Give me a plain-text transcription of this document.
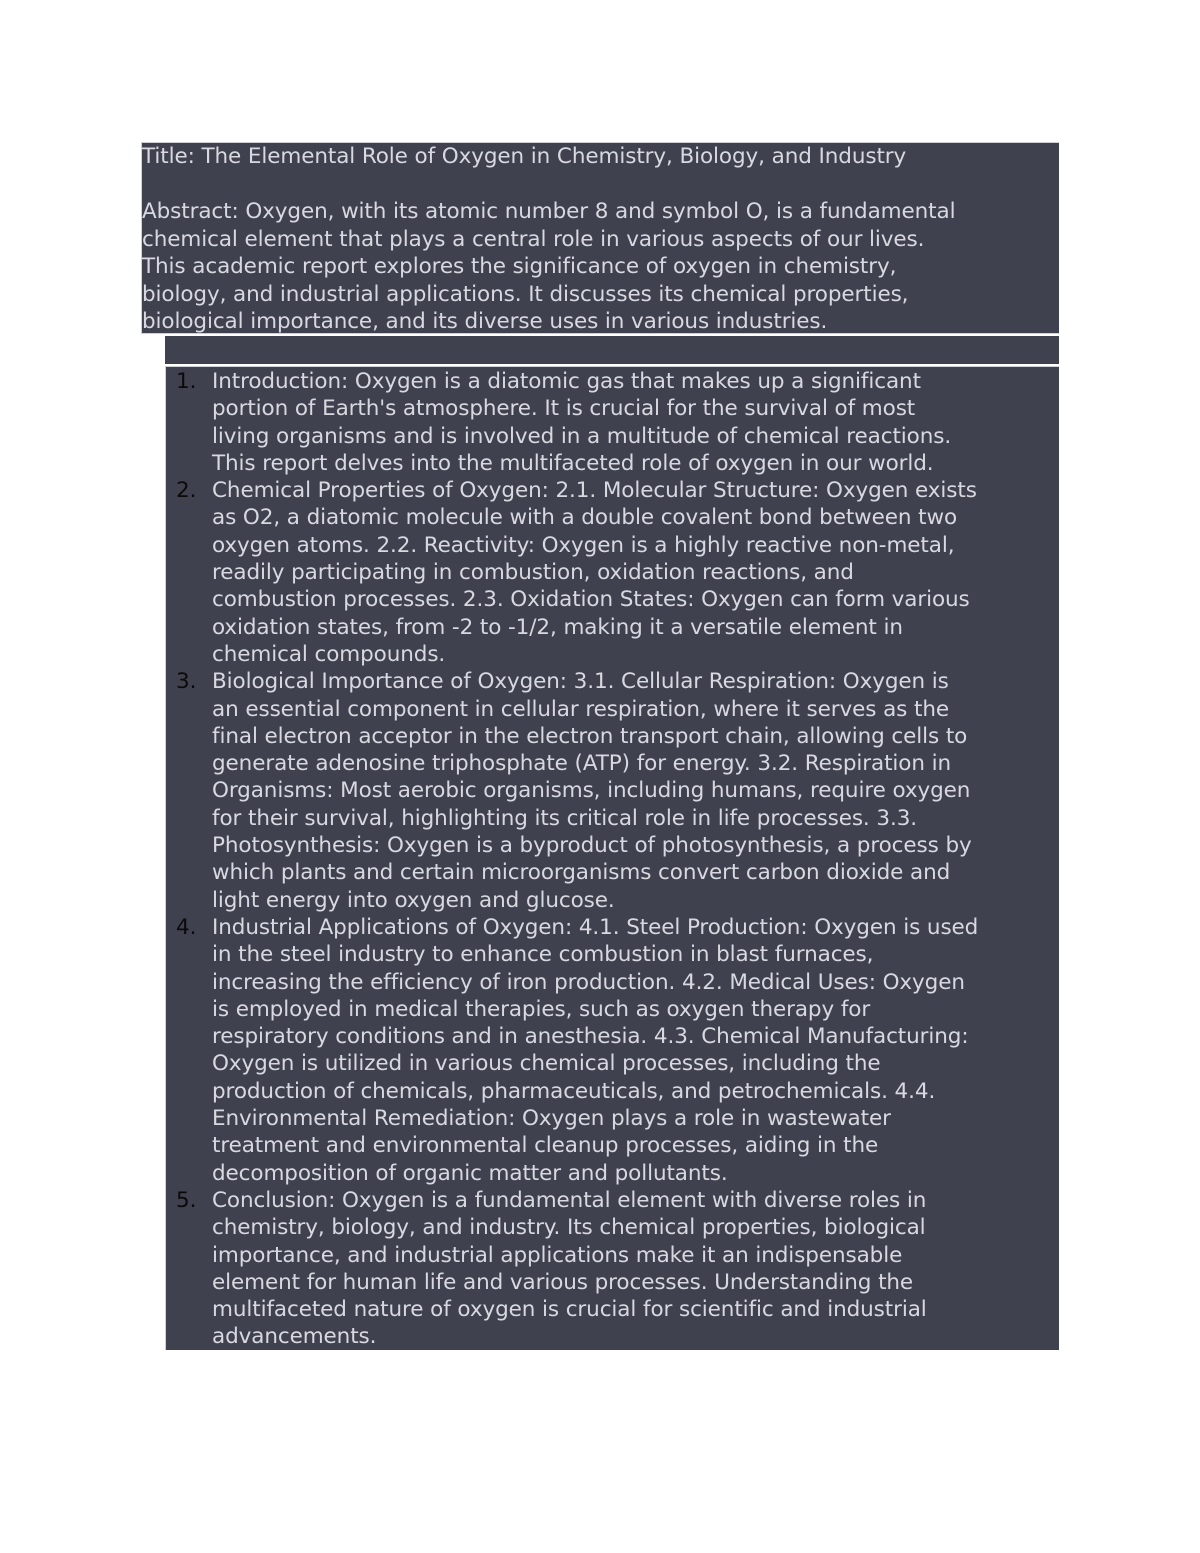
Title: The Elemental Role of Oxygen in Chemistry, Biology, and Industry
Abstract: Oxygen, with its atomic number 8 and symbol O, is a fundamental
chemical element that plays a central role in various aspects of our lives.
This academic report explores the significance of oxygen in chemistry,
biology, and industrial applications. It discusses its chemical properties,
biological importance, and its diverse uses in various industries.
1. Introduction: Oxygen is a diatomic gas that makes up a significant
portion of Earth's atmosphere. It is crucial for the survival of most
living organisms and is involved in a multitude of chemical reactions.
This report delves into the multifaceted role of oxygen in our world.
2. Chemical Properties of Oxygen: 2.1. Molecular Structure: Oxygen exists
as O2, a diatomic molecule with a double covalent bond between two
oxygen atoms. 2.2. Reactivity: Oxygen is a highly reactive non-metal,
readily participating in combustion, oxidation reactions, and
combustion processes. 2.3. Oxidation States: Oxygen can form various
oxidation states, from -2 to -1/2, making it a versatile element in
chemical compounds.
3. Biological Importance of Oxygen: 3.1. Cellular Respiration: Oxygen is
an essential component in cellular respiration, where it serves as the
final electron acceptor in the electron transport chain, allowing cells to
generate adenosine triphosphate (ATP) for energy. 3.2. Respiration in
Organisms: Most aerobic organisms, including humans, require oxygen
for their survival, highlighting its critical role in life processes. 3.3.
Photosynthesis: Oxygen is a byproduct of photosynthesis, a process by
which plants and certain microorganisms convert carbon dioxide and
light energy into oxygen and glucose.
4. Industrial Applications of Oxygen: 4.1. Steel Production: Oxygen is used
in the steel industry to enhance combustion in blast furnaces,
increasing the efficiency of iron production. 4.2. Medical Uses: Oxygen
is employed in medical therapies, such as oxygen therapy for
respiratory conditions and in anesthesia. 4.3. Chemical Manufacturing:
Oxygen is utilized in various chemical processes, including the
production of chemicals, pharmaceuticals, and petrochemicals. 4.4.
Environmental Remediation: Oxygen plays a role in wastewater
treatment and environmental cleanup processes, aiding in the
decomposition of organic matter and pollutants.
5. Conclusion: Oxygen is a fundamental element with diverse roles in
chemistry, biology, and industry. Its chemical properties, biological
importance, and industrial applications make it an indispensable
element for human life and various processes. Understanding the
multifaceted nature of oxygen is crucial for scientific and industrial
advancements.
